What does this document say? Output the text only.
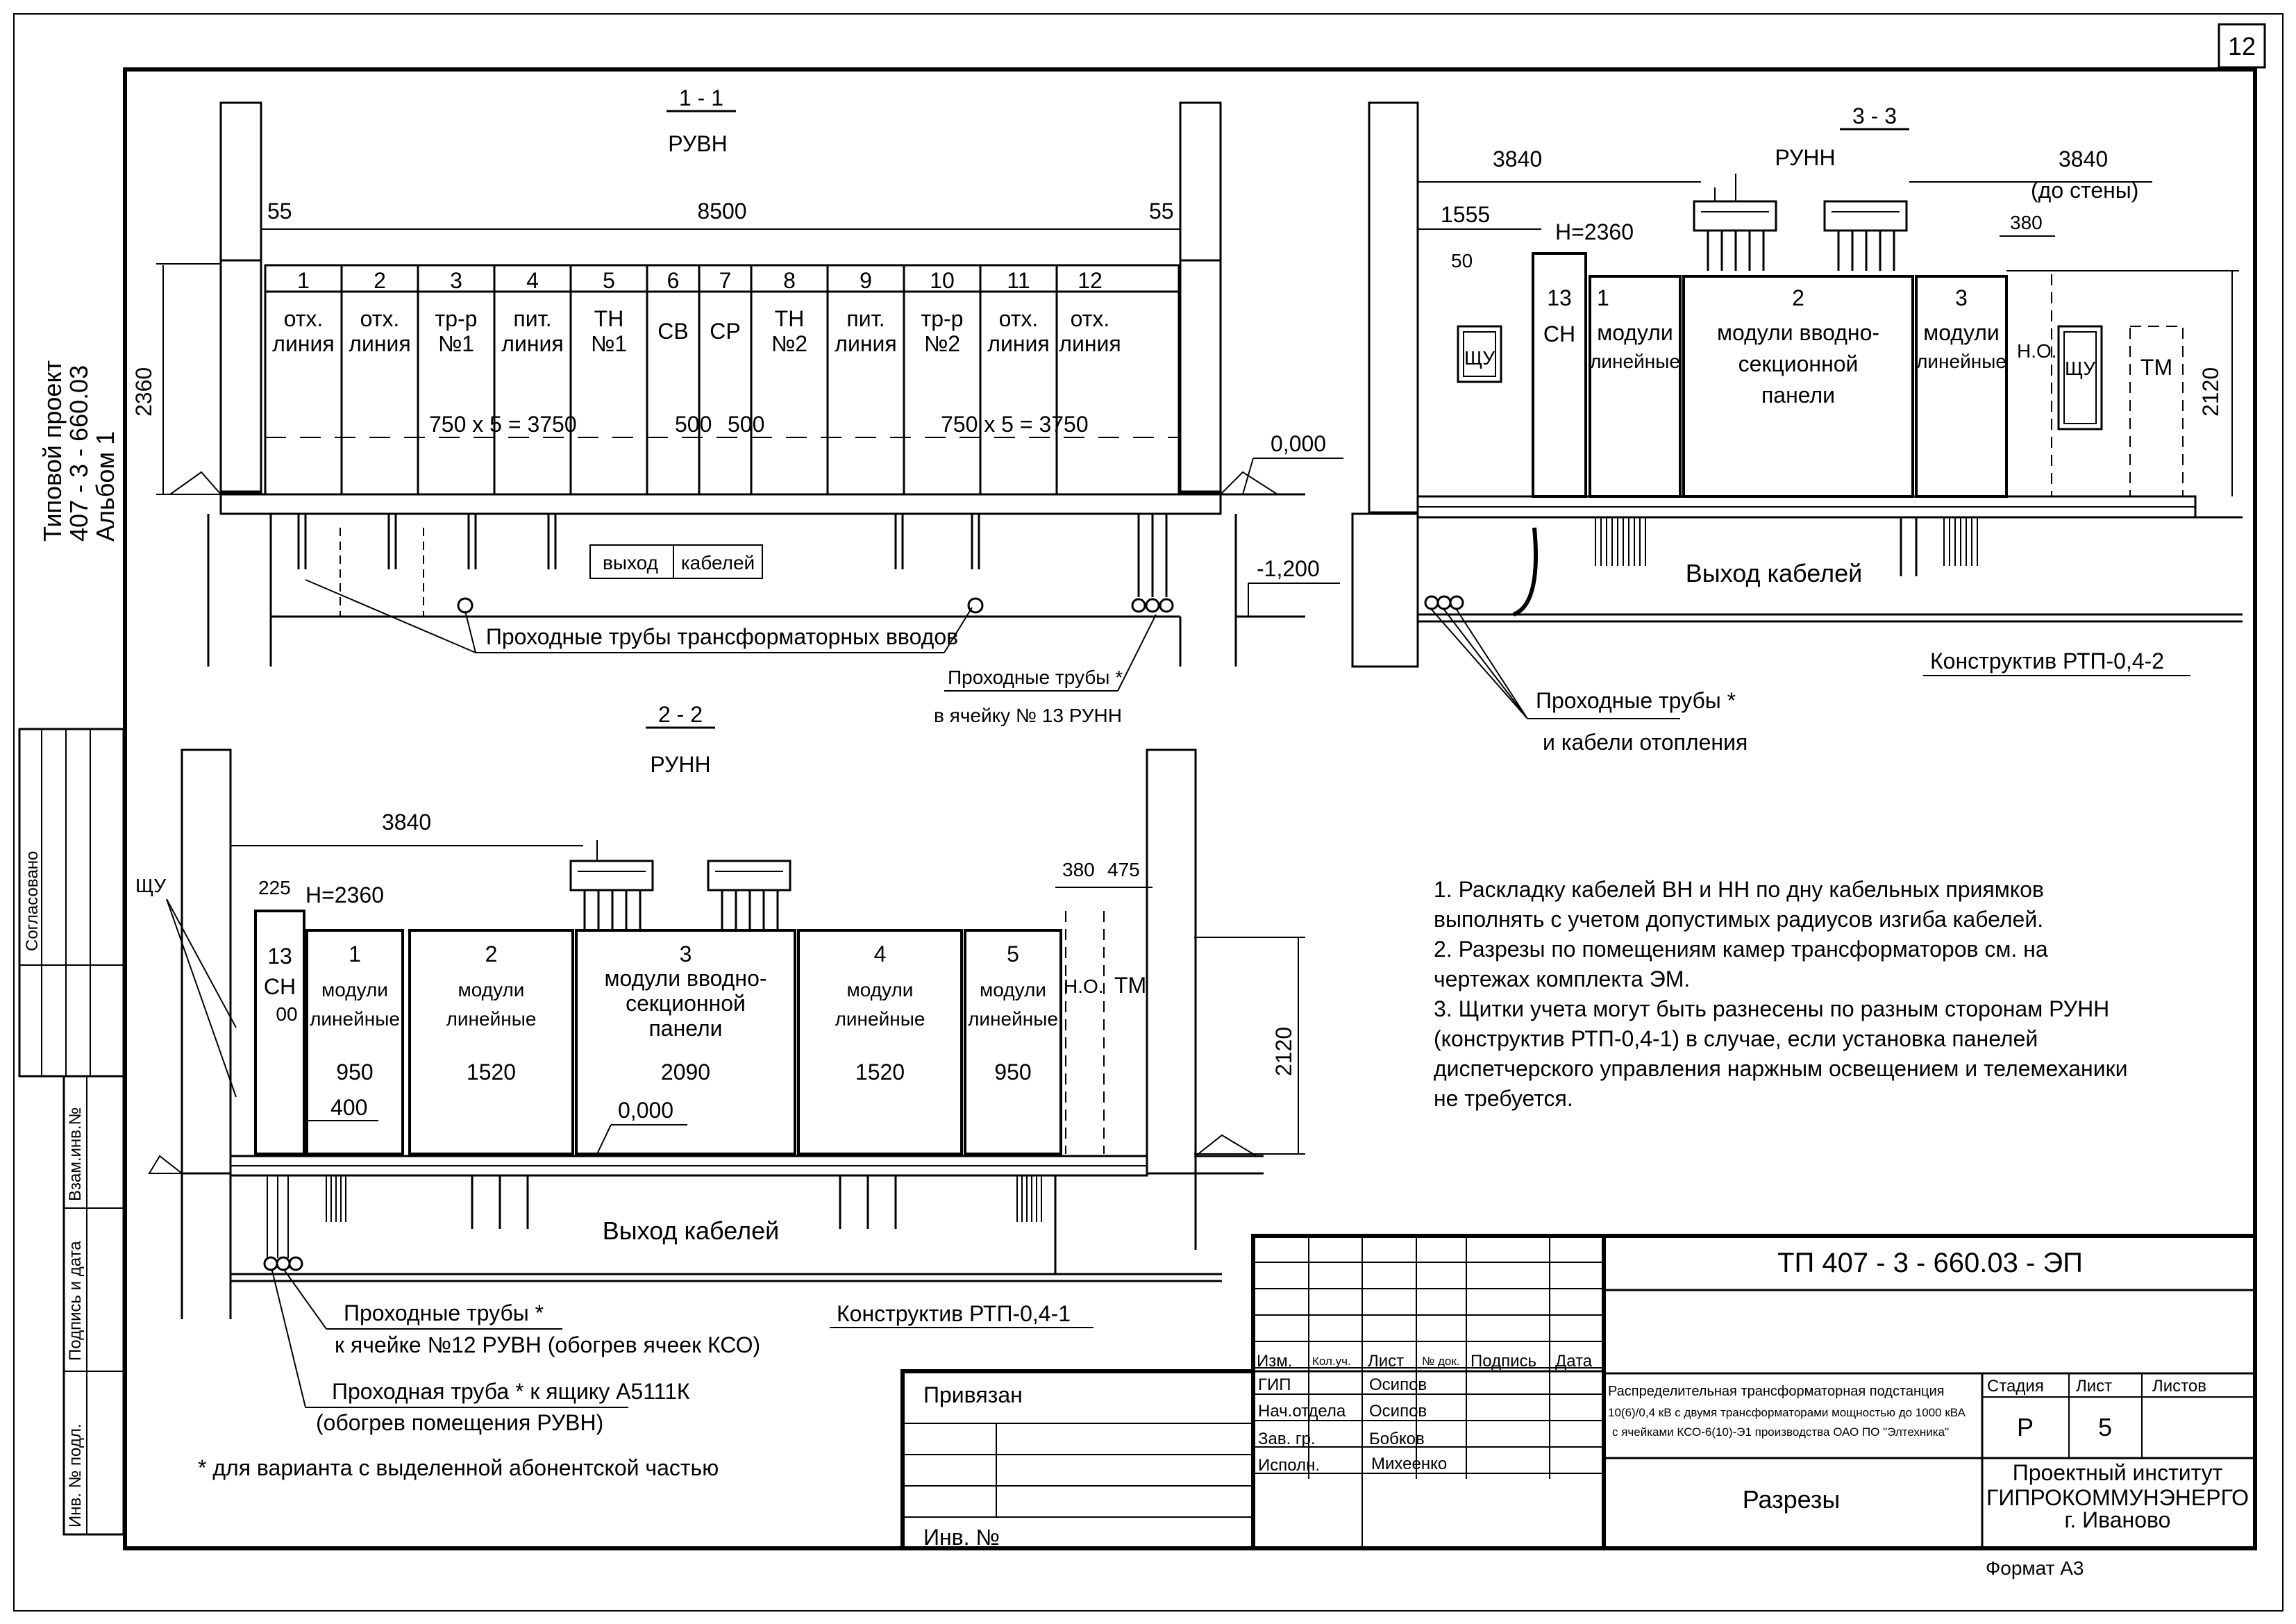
12
Типовой проект
407 - 3 - 660.03
Альбом 1
Согласовано
Взам.инв.№
Подпись и дата
Инв. № подл.
1 - 1
РУВН
55	8500	55
2360
1
отх.
линия
2
отх.
линия
3
тр-р
№1
4
пит.
линия
5
ТН
№1
6
СВ
7
СР
8
ТН
№2
9
пит.
линия
10
тр-р
№2
11
отх.
линия
12
отх.
линия
750 х 5 = 3750	500 500	750 х 5 = 3750
0,000
-1,200
выход кабелей
Проходные трубы трансформаторных вводов
Проходные трубы *
в ячейку № 13 РУНН
3 - 3
РУНН
3840	3840
(до стены)
1555
50
Н=2360	380
ЩУ
13
СН
1
модули
линейные
2
модули вводно-
секционной
панели
3
модули
линейные Н.О.
ЩУ ТМ 2120
Выход кабелей
Конструктив РТП-0,4-2
Проходные трубы *
и кабели отопления
2 - 2
РУНН
3840
ЩУ	225 Н=2360
380 475
13
СН
00
1
модули
линейные
950
2
модули
линейные
1520
3
модули вводно-
секционной
панели
2090
4
модули
линейные
1520
5
модули
линейные
950
400	0,000
Н.О. ТМ
2120
Выход кабелей
Конструктив РТП-0,4-1
Проходные трубы *
к ячейке №12 РУВН (обогрев ячеек КСО)
Проходная труба * к ящику А5111К
(обогрев помещения РУВН)
* для варианта с выделенной абонентской частью
1. Раскладку кабелей ВН и НН по дну кабельных приямков
выполнять с учетом допустимых радиусов изгиба кабелей.
2. Разрезы по помещениям камер трансформаторов см. на
чертежах комплекта ЭМ.
3. Щитки учета могут быть разнесены по разным сторонам РУНН
(конструктив РТП-0,4-1) в случае, если установка панелей
диспетчерского управления наржным освещением и телемеханики
не требуется.
ТП 407 - 3 - 660.03 - ЭП
Изм. Кол.уч. Лист № док. Подпись Дата
ГИП	Осипов
Нач.отдела Осипов
Зав. гр.	Бобков
Исполн.	Михеенко
Привязан
Инв. №
Распределительная трансформаторная подстанция
10(6)/0,4 кВ с двумя трансформаторами мощностью до 1000 кВА
с ячейками КСО-6(10)-Э1 производства ОАО ПО "Элтехника"
Стадия Лист Листов
Р	5
Разрезы
Проектный институт
ГИПРОКОММУНЭНЕРГО
г. Иваново
Формат А3
